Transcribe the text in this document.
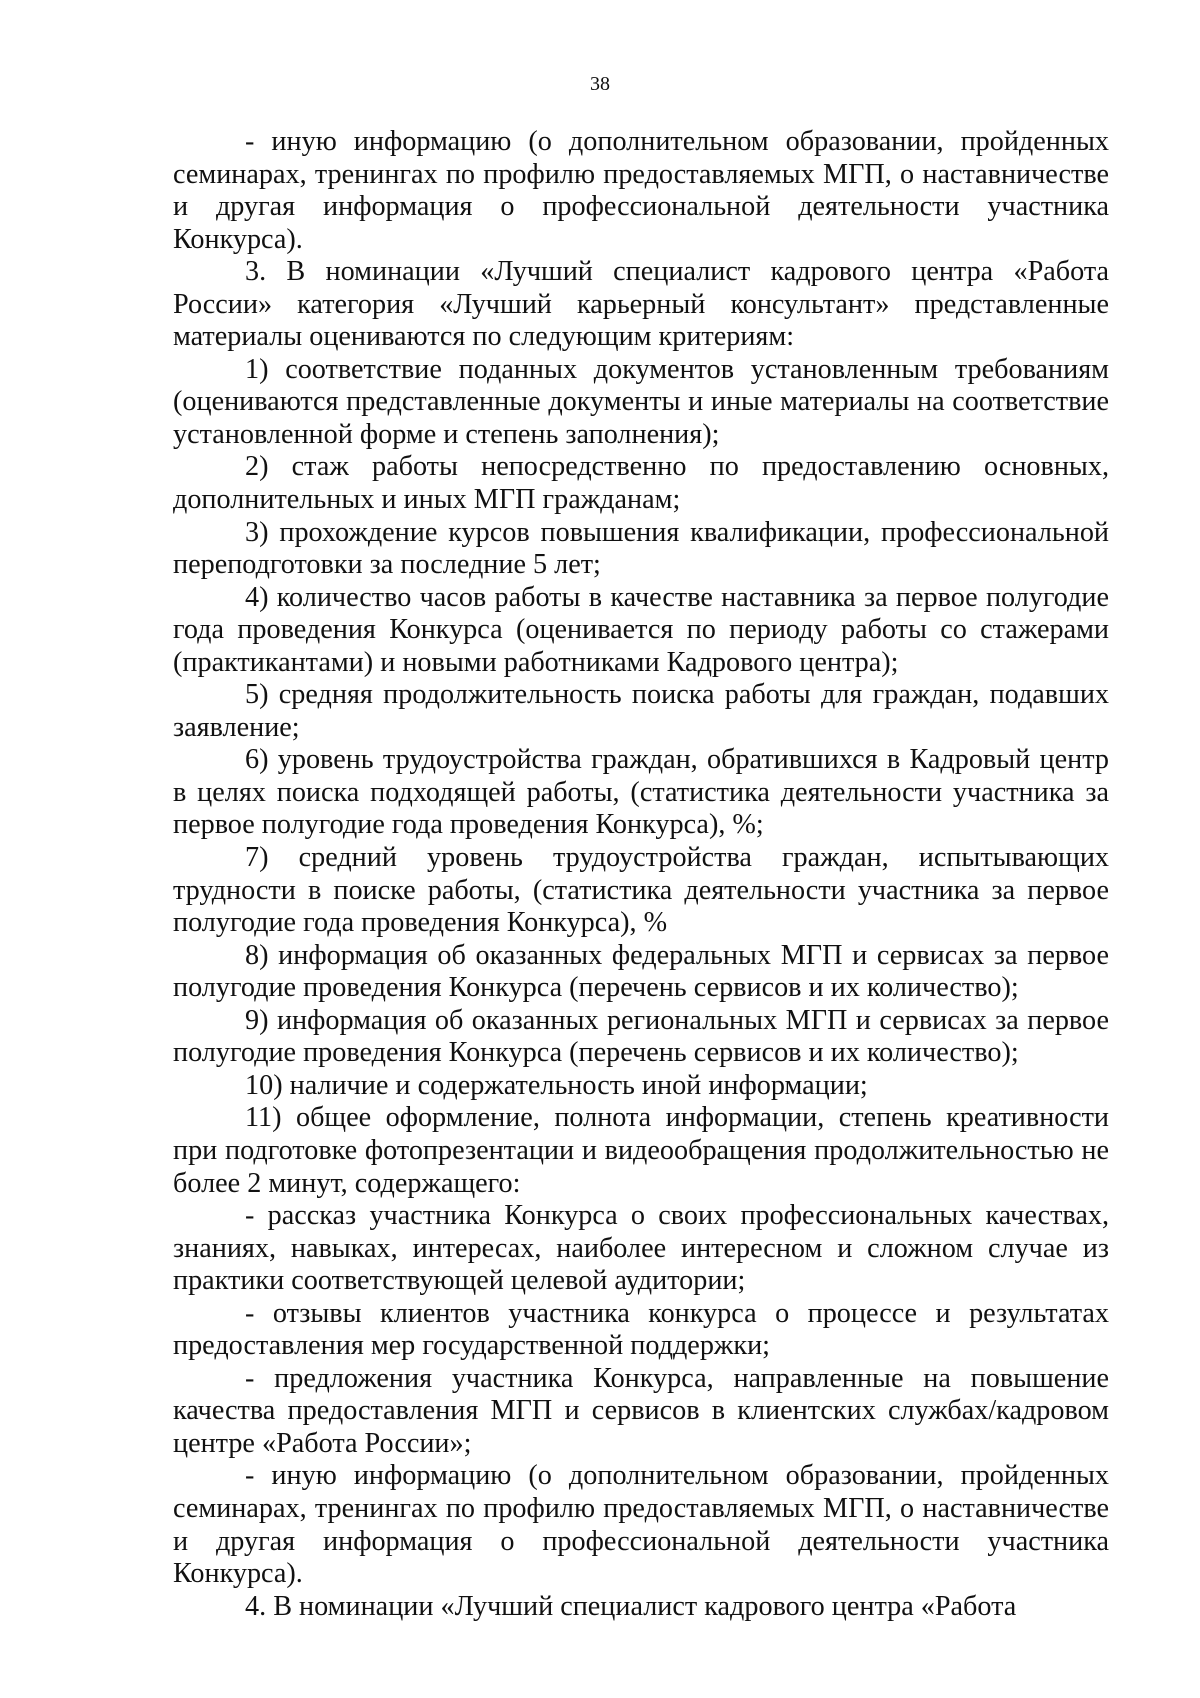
38

- иную информацию (о дополнительном образовании, пройденных семинарах, тренингах по профилю предоставляемых МГП, о наставничестве и другая информация о профессиональной деятельности участника Конкурса).

3. В номинации «Лучший специалист кадрового центра «Работа России» категория «Лучший карьерный консультант» представленные материалы оцениваются по следующим критериям:

1) соответствие поданных документов установленным требованиям (оцениваются представленные документы и иные материалы на соответствие установленной форме и степень заполнения);

2) стаж работы непосредственно по предоставлению основных, дополнительных и иных МГП гражданам;

3) прохождение курсов повышения квалификации, профессиональной переподготовки за последние 5 лет;

4) количество часов работы в качестве наставника за первое полугодие года проведения Конкурса (оценивается по периоду работы со стажерами (практикантами) и новыми работниками Кадрового центра);

5) средняя продолжительность поиска работы для граждан, подавших заявление;

6) уровень трудоустройства граждан, обратившихся в Кадровый центр в целях поиска подходящей работы, (статистика деятельности участника за первое полугодие года проведения Конкурса), %;

7) средний уровень трудоустройства граждан, испытывающих трудности в поиске работы, (статистика деятельности участника за первое полугодие года проведения Конкурса), %

8) информация об оказанных федеральных МГП и сервисах за первое полугодие проведения Конкурса (перечень сервисов и их количество);

9) информация об оказанных региональных МГП и сервисах за первое полугодие проведения Конкурса (перечень сервисов и их количество);

10) наличие и содержательность иной информации;

11) общее оформление, полнота информации, степень креативности при подготовке фотопрезентации и видеообращения продолжительностью не более 2 минут, содержащего:

- рассказ участника Конкурса о своих профессиональных качествах, знаниях, навыках, интересах, наиболее интересном и сложном случае из практики соответствующей целевой аудитории;

- отзывы клиентов участника конкурса о процессе и результатах предоставления мер государственной поддержки;

- предложения участника Конкурса, направленные на повышение качества предоставления МГП и сервисов в клиентских службах/кадровом центре «Работа России»;

- иную информацию (о дополнительном образовании, пройденных семинарах, тренингах по профилю предоставляемых МГП, о наставничестве и другая информация о профессиональной деятельности участника Конкурса).

4. В номинации «Лучший специалист кадрового центра «Работа
